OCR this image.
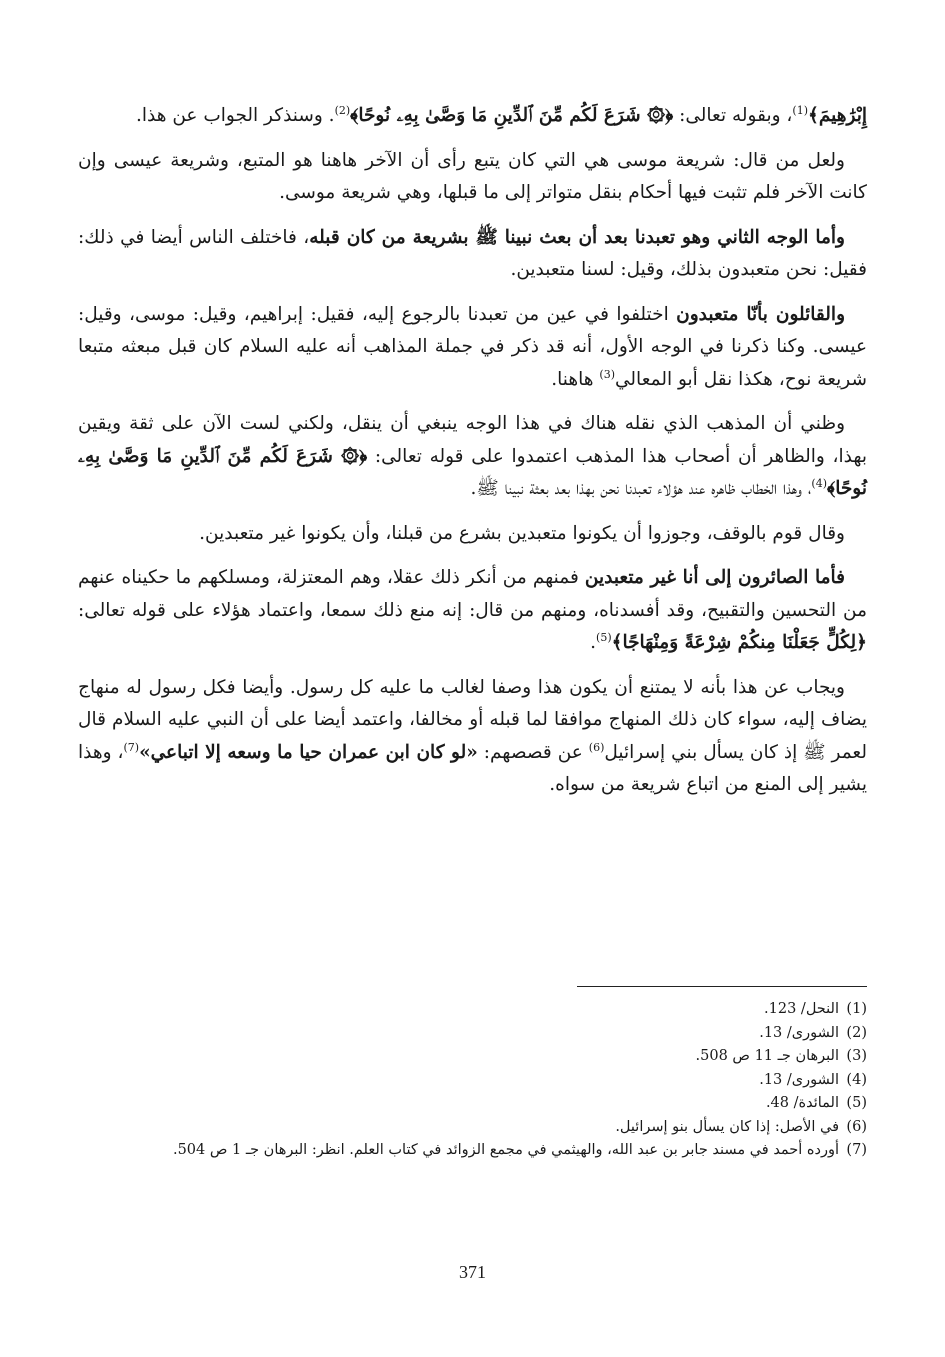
إِبْرَٰهِيمَ﴾$^{(1)}$، وبقوله تعالى: ﴿۞ شَرَعَ لَكُم مِّنَ ٱلدِّينِ مَا وَصَّىٰ بِهِۦ نُوحًا﴾$^{(2)}$. وسنذكر الجواب عن هذا.

ولعل من قال: شريعة موسى هي التي كان يتبع رأى أن الآخر هاهنا هو المتبع، وشريعة عيسى وإن كانت الآخر فلم تثبت فيها أحكام بنقل متواتر إلى ما قبلها، وهي شريعة موسى.

وأما الوجه الثاني وهو تعبدنا بعد أن بعث نبينا ﷺ بشريعة من كان قبله، فاختلف الناس أيضا في ذلك: فقيل: نحن متعبدون بذلك، وقيل: لسنا متعبدين.

والقائلون بأنّا متعبدون اختلفوا في عين من تعبدنا بالرجوع إليه، فقيل: إبراهيم، وقيل: موسى، وقيل: عيسى. وكنا ذكرنا في الوجه الأول، أنه قد ذكر في جملة المذاهب أنه عليه السلام كان قبل مبعثه متبعا شريعة نوح، هكذا نقل أبو المعالي$^{(3)}$ هاهنا.

وظني أن المذهب الذي نقله هناك في هذا الوجه ينبغي أن ينقل، ولكني لست الآن على ثقة ويقين بهذا، والظاهر أن أصحاب هذا المذهب اعتمدوا على قوله تعالى: ﴿۞ شَرَعَ لَكُم مِّنَ ٱلدِّينِ مَا وَصَّىٰ بِهِۦ نُوحًا﴾$^{(4)}$، وهذا الخطاب ظاهره عند هؤلاء تعبدنا نحن بهذا بعد بعثة نبينا ﷺ.

وقال قوم بالوقف، وجوزوا أن يكونوا متعبدين بشرع من قبلنا، وأن يكونوا غير متعبدين.

فأما الصائرون إلى أنا غير متعبدين فمنهم من أنكر ذلك عقلا، وهم المعتزلة، ومسلكهم ما حكيناه عنهم من التحسين والتقبيح، وقد أفسدناه، ومنهم من قال: إنه منع ذلك سمعا، واعتماد هؤلاء على قوله تعالى: ﴿لِكُلٍّ جَعَلْنَا مِنكُمْ شِرْعَةً وَمِنْهَاجًا﴾$^{(5)}$.

ويجاب عن هذا بأنه لا يمتنع أن يكون هذا وصفا لغالب ما عليه كل رسول. وأيضا فكل رسول له منهاج يضاف إليه، سواء كان ذلك المنهاج موافقا لما قبله أو مخالفا، واعتمد أيضا على أن النبي عليه السلام قال لعمر ﷺ إذ كان يسأل بني إسرائيل$^{(6)}$ عن قصصهم: «لو كان ابن عمران حيا ما وسعه إلا اتباعي»$^{(7)}$، وهذا يشير إلى المنع من اتباع شريعة من سواه.

(1)النحل/ 123.

(2)الشورى/ 13.

(3)البرهان جـ 11 ص 508.

(4)الشورى/ 13.

(5)المائدة/ 48.

(6)في الأصل: إذا كان يسأل بنو إسرائيل.

(7)أورده أحمد في مسند جابر بن عبد الله، والهيثمي في مجمع الزوائد في كتاب العلم. انظر: البرهان جـ 1 ص 504.

371
